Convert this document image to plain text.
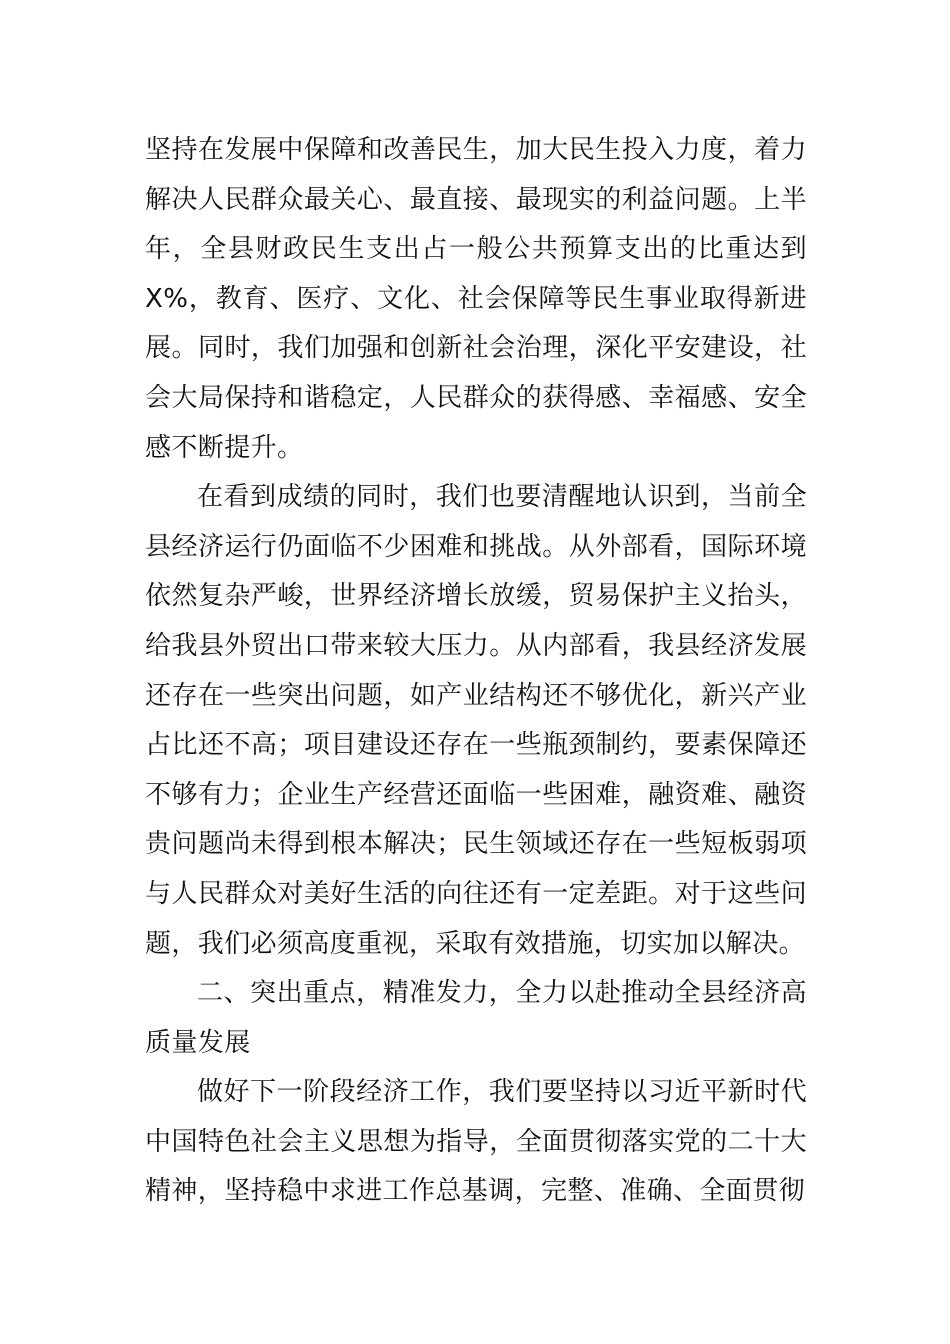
坚持在发展中保障和改善民生，加大民生投入力度，着力解决人民群众最关心、最直接、最现实的利益问题。上半年，全县财政民生支出占一般公共预算支出的比重达到X%，教育、医疗、文化、社会保障等民生事业取得新进展。同时，我们加强和创新社会治理，深化平安建设，社会大局保持和谐稳定，人民群众的获得感、幸福感、安全感不断提升。

在看到成绩的同时，我们也要清醒地认识到，当前全县经济运行仍面临不少困难和挑战。从外部看，国际环境依然复杂严峻，世界经济增长放缓，贸易保护主义抬头，给我县外贸出口带来较大压力。从内部看，我县经济发展还存在一些突出问题，如产业结构还不够优化，新兴产业占比还不高；项目建设还存在一些瓶颈制约，要素保障还不够有力；企业生产经营还面临一些困难，融资难、融资贵问题尚未得到根本解决；民生领域还存在一些短板弱项与人民群众对美好生活的向往还有一定差距。对于这些问题，我们必须高度重视，采取有效措施，切实加以解决。

二、突出重点，精准发力，全力以赴推动全县经济高质量发展

做好下一阶段经济工作，我们要坚持以习近平新时代中国特色社会主义思想为指导，全面贯彻落实党的二十大精神，坚持稳中求进工作总基调，完整、准确、全面贯彻
